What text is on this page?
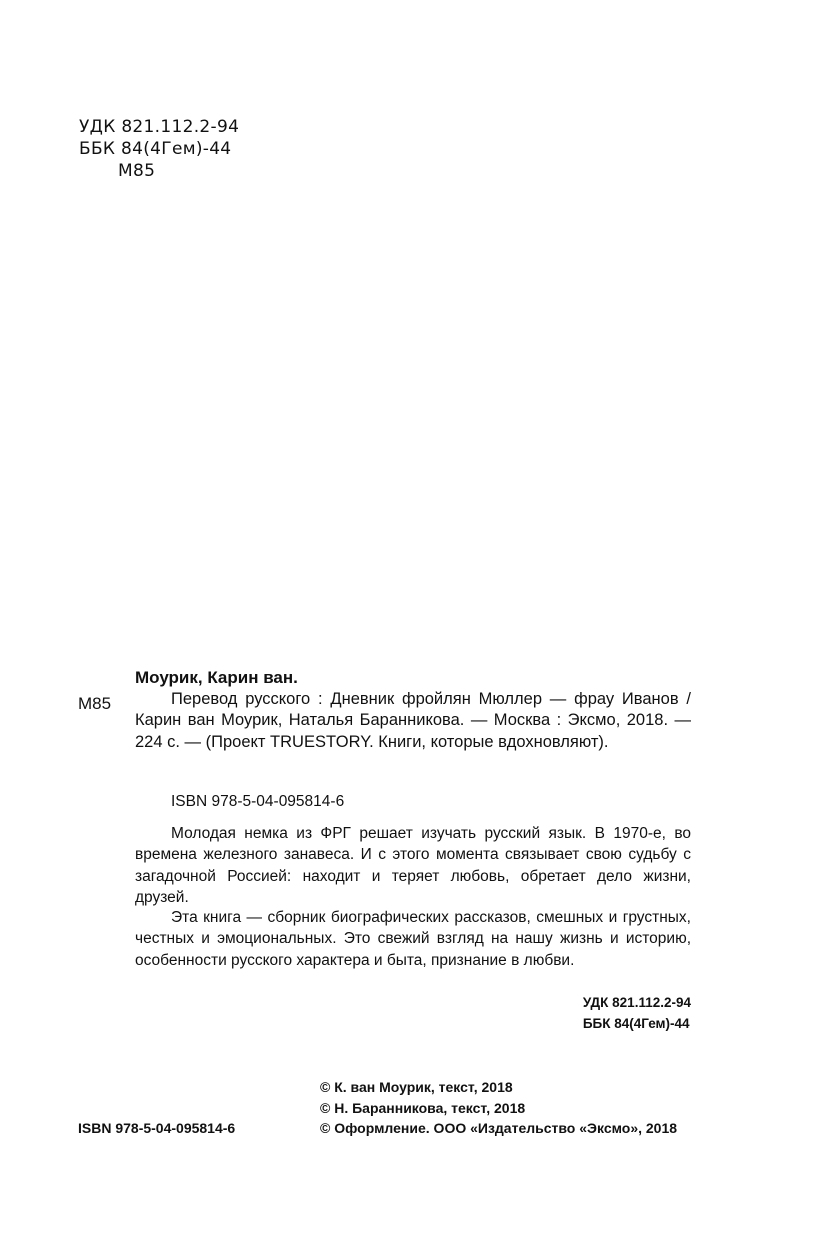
УДК 821.112.2-94
ББК 84(4Гем)-44
М85
Моурик, Карин ван.
М85	Перевод русского : Дневник фройлян Мюллер — фрау Иванов / Карин ван Моурик, Наталья Баранникова. — Москва : Эксмо, 2018. — 224 с. — (Проект TRUESTORY. Книги, которые вдохновляют).

ISBN 978-5-04-095814-6

Молодая немка из ФРГ решает изучать русский язык. В 1970-е, во времена железного занавеса. И с этого момента связывает свою судьбу с загадочной Россией: находит и теряет любовь, обретает дело жизни, друзей.

Эта книга — сборник биографических рассказов, смешных и грустных, честных и эмоциональных. Это свежий взгляд на нашу жизнь и историю, особенности русского характера и быта, признание в любви.

УДК 821.112.2-94
ББК 84(4Гем)-44
ISBN 978-5-04-095814-6
© К. ван Моурик, текст, 2018
© Н. Баранникова, текст, 2018
© Оформление. ООО «Издательство «Эксмо», 2018
